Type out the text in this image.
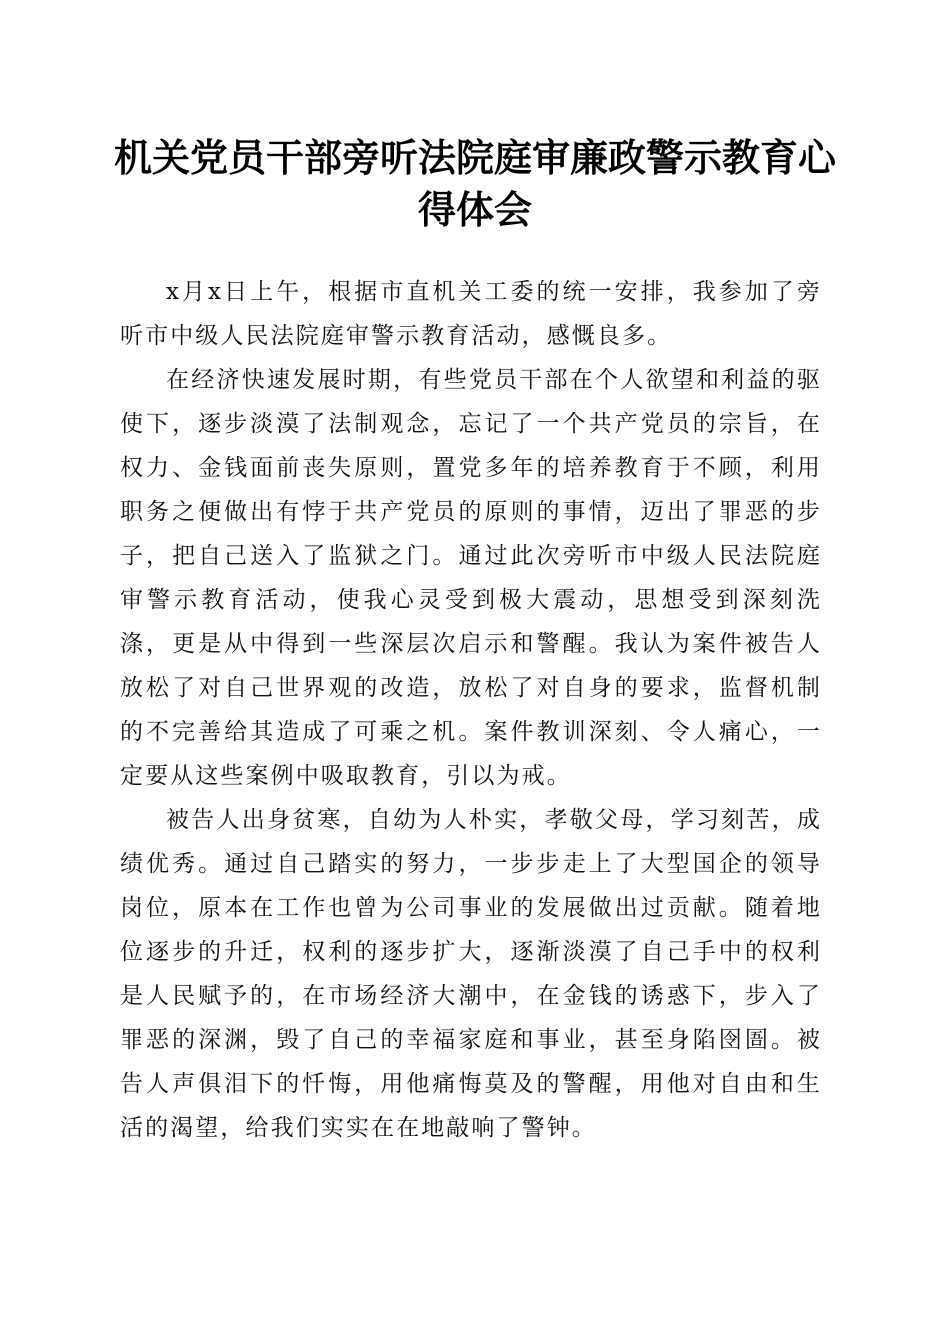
机关党员干部旁听法院庭审廉政警示教育心得体会

x月x日上午，根据市直机关工委的统一安排，我参加了旁听市中级人民法院庭审警示教育活动，感慨良多。

在经济快速发展时期，有些党员干部在个人欲望和利益的驱使下，逐步淡漠了法制观念，忘记了一个共产党员的宗旨，在权力、金钱面前丧失原则，置党多年的培养教育于不顾，利用职务之便做出有悖于共产党员的原则的事情，迈出了罪恶的步子，把自己送入了监狱之门。通过此次旁听市中级人民法院庭审警示教育活动，使我心灵受到极大震动，思想受到深刻洗涤，更是从中得到一些深层次启示和警醒。我认为案件被告人放松了对自己世界观的改造，放松了对自身的要求，监督机制的不完善给其造成了可乘之机。案件教训深刻、令人痛心，一定要从这些案例中吸取教育，引以为戒。

被告人出身贫寒，自幼为人朴实，孝敬父母，学习刻苦，成绩优秀。通过自己踏实的努力，一步步走上了大型国企的领导岗位，原本在工作也曾为公司事业的发展做出过贡献。随着地位逐步的升迁，权利的逐步扩大，逐渐淡漠了自己手中的权利是人民赋予的，在市场经济大潮中，在金钱的诱惑下，步入了罪恶的深渊，毁了自己的幸福家庭和事业，甚至身陷囹圄。被告人声俱泪下的忏悔，用他痛悔莫及的警醒，用他对自由和生活的渴望，给我们实实在在地敲响了警钟。
